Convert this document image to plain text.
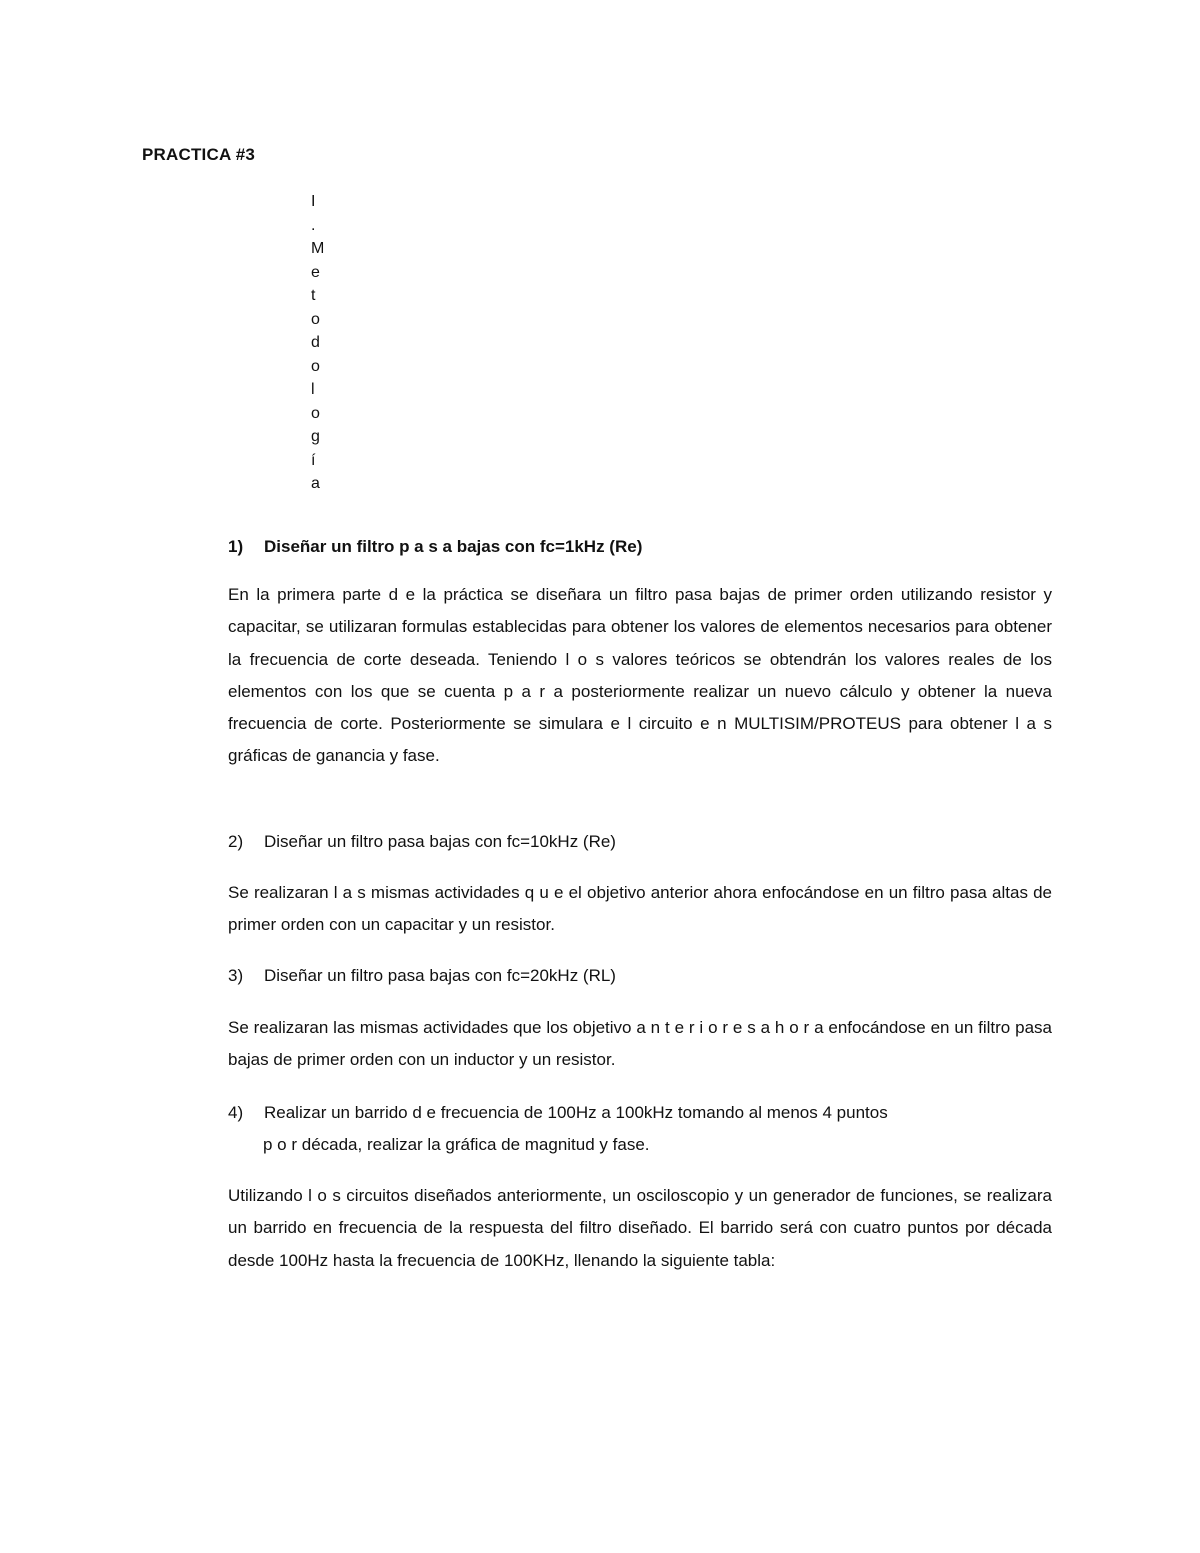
PRACTICA #3
I
.
M
e
t
o
d
o
l
o
g
í
a
1) Diseñar un filtro p a s a bajas con fc=1kHz (Re)
En la primera parte d e la práctica se diseñara un filtro pasa bajas de primer orden utilizando resistor y capacitar, se utilizaran formulas establecidas para obtener los valores de elementos necesarios para obtener la frecuencia de corte deseada. Teniendo l o s valores teóricos se obtendrán los valores reales de los elementos con los que se cuenta p a r a posteriormente realizar un nuevo cálculo y obtener la nueva frecuencia de corte. Posteriormente se simulara e l circuito e n MULTISIM/PROTEUS para obtener l a s gráficas de ganancia y fase.
2) Diseñar un filtro pasa bajas con fc=10kHz (Re)
Se realizaran l a s mismas actividades q u e el objetivo anterior ahora enfocándose en un filtro pasa altas de primer orden con un capacitar y un resistor.
3) Diseñar un filtro pasa bajas con fc=20kHz (RL)
Se realizaran las mismas actividades que los objetivo a n t e r i o r e s a h o r a enfocándose en un filtro pasa bajas de primer orden con un inductor y un resistor.
4) Realizar un barrido d e frecuencia de 100Hz a 100kHz tomando al menos 4 puntos
p o r década, realizar la gráfica de magnitud y fase.
Utilizando l o s circuitos diseñados anteriormente, un osciloscopio y un generador de funciones, se realizara un barrido en frecuencia de la respuesta del filtro diseñado. El barrido será con cuatro puntos por década desde 100Hz hasta la frecuencia de 100KHz, llenando la siguiente tabla:
